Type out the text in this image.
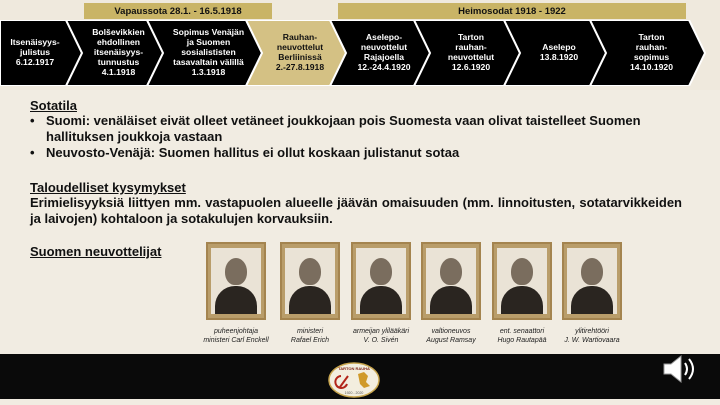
Vapaussota 28.1. - 16.5.1918	Heimosodat 1918 - 1922
Itsenäisyys-
julistus
6.12.1917
Bolševikkien
ehdollinen
itsenäisyys-
tunnustus
4.1.1918
Sopimus Venäjän
ja Suomen
sosialististen
tasavaltain välillä
1.3.1918
Rauhan-
neuvottelut
Berliinissä
2.-27.8.1918
Aselepo-
neuvottelut
Rajajoella
12.-24.4.1920
Tarton
rauhan-
neuvottelut
12.6.1920
Aselepo
13.8.1920
Tarton
rauhan-
sopimus
14.10.1920
Sotatila
• Suomi: venäläiset eivät olleet vetäneet joukkojaan pois Suomesta vaan olivat taistelleet Suomen hallituksen joukkoja vastaan
• Neuvosto-Venäjä: Suomen hallitus ei ollut koskaan julistanut sotaa
Taloudelliset kysymykset
Erimielisyyksiä liittyen mm. vastapuolen alueelle jäävän omaisuuden (mm. linnoitusten, sotatarvikkeiden ja laivojen) kohtaloon ja sotakulujen korvauksiin.
Suomen neuvottelijat
puheenjohtaja
ministeri Carl Enckell
ministeri
Rafael Erich
armeijan ylilääkäri
V. O. Sivén
valtioneuvos
August Ramsay
ent. senaattori
Hugo Rautapää
ylitirehtööri
J. W. Wartiovaara
TARTON RAUHA
1920 - 2020
